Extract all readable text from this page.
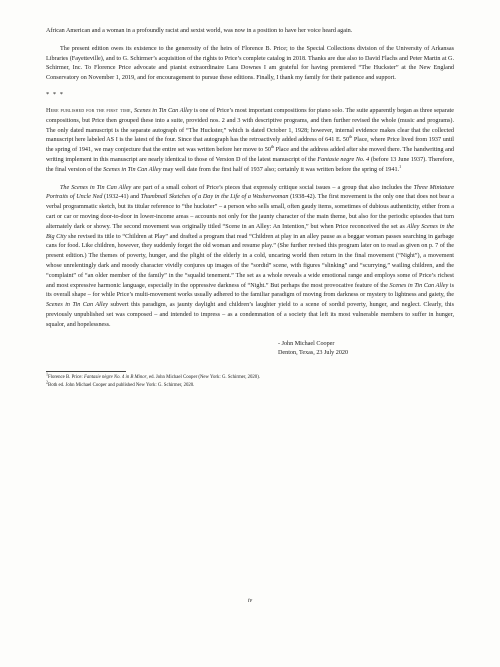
African American and a woman in a profoundly racist and sexist world, was now in a position to have her voice heard again.

The present edition owes its existence to the generosity of the heirs of Florence B. Price; to the Special Collections division of the University of Arkansas Libraries (Fayetteville), and to G. Schirmer’s acquisition of the rights to Price’s complete catalog in 2018. Thanks are due also to David Flachs and Peter Martin at G. Schirmer, Inc. To Florence Price advocate and pianist extraordinaire Lara Downes I am grateful for having premiered “The Huckster” at the New England Conservatory on November 1, 2019, and for encouragement to pursue these editions. Finally, I thank my family for their patience and support.

* * *

Here published for the first time, Scenes in Tin Can Alley is one of Price’s most important compositions for piano solo. The suite apparently began as three separate compositions, but Price then grouped these into a suite, provided nos. 2 and 3 with descriptive programs, and then further revised the whole (music and programs). The only dated manuscript is the separate autograph of “The Huckster,” which is dated October 1, 1928; however, internal evidence makes clear that the collected manuscript here labeled AS I is the latest of the four. Since that autograph has the retroactively added address of 641 E. 50th Place, where Price lived from 1937 until the spring of 1941, we may conjecture that the entire set was written before her move to 50th Place and the address added after she moved there. The handwriting and writing implement in this manuscript are nearly identical to those of Version D of the latest manuscript of the Fantasie negre No. 4 (before 13 June 1937). Therefore, the final version of the Scenes in Tin Can Alley may well date from the first half of 1937 also; certainly it was written before the spring of 1941.$^1$

The Scenes in Tin Can Alley are part of a small cohort of Price’s pieces that expressly critique social issues – a group that also includes the Three Miniature Portraits of Uncle Ned (1932-41) and Thumbnail Sketches of a Day in the Life of a Washerwoman (1938-42). The first movement is the only one that does not bear a verbal programmatic sketch, but its titular reference to “the huckster” – a person who sells small, often gaudy items, sometimes of dubious authenticity, either from a cart or car or moving door-to-door in lower-income areas – accounts not only for the jaunty character of the main theme, but also for the periodic episodes that turn alternately dark or showy. The second movement was originally titled “Scene in an Alley: An Intention,” but when Price reconceived the set as Alley Scenes in the Big City she revised its title to “Children at Play” and drafted a program that read “Children at play in an alley pause as a beggar woman passes searching in garbage cans for food. Like children, however, they suddenly forget the old woman and resume play.” (She further revised this program later on to read as given on p. 7 of the present edition.) The themes of poverty, hunger, and the plight of the elderly in a cold, uncaring world then return in the final movement (“Night”), a movement whose unrelentingly dark and moody character vividly conjures up images of the “sordid” scene, with figures “slinking” and “scurrying,” wailing children, and the “complaint” of “an older member of the family” in the “squalid tenement.” The set as a whole reveals a wide emotional range and employs some of Price’s richest and most expressive harmonic language, especially in the oppressive darkness of “Night.” But perhaps the most provocative feature of the Scenes in Tin Can Alley is its overall shape – for while Price’s multi-movement works usually adhered to the familiar paradigm of moving from darkness or mystery to lightness and gaiety, the Scenes in Tin Can Alley subvert this paradigm, as jaunty daylight and children’s laughter yield to a scene of sordid poverty, hunger, and neglect. Clearly, this previously unpublished set was composed – and intended to impress – as a condemnation of a society that left its most vulnerable members to suffer in hunger, squalor, and hopelessness.

- John Michael Cooper
Denton, Texas, 23 July 2020
$^1$Florence B. Price: Fantasie nègre No. 4 in B Minor, ed. John Michael Cooper (New York: G. Schirmer, 2020).
$^2$Both ed. John Michael Cooper and published New York: G. Schirmer, 2020.
iv
